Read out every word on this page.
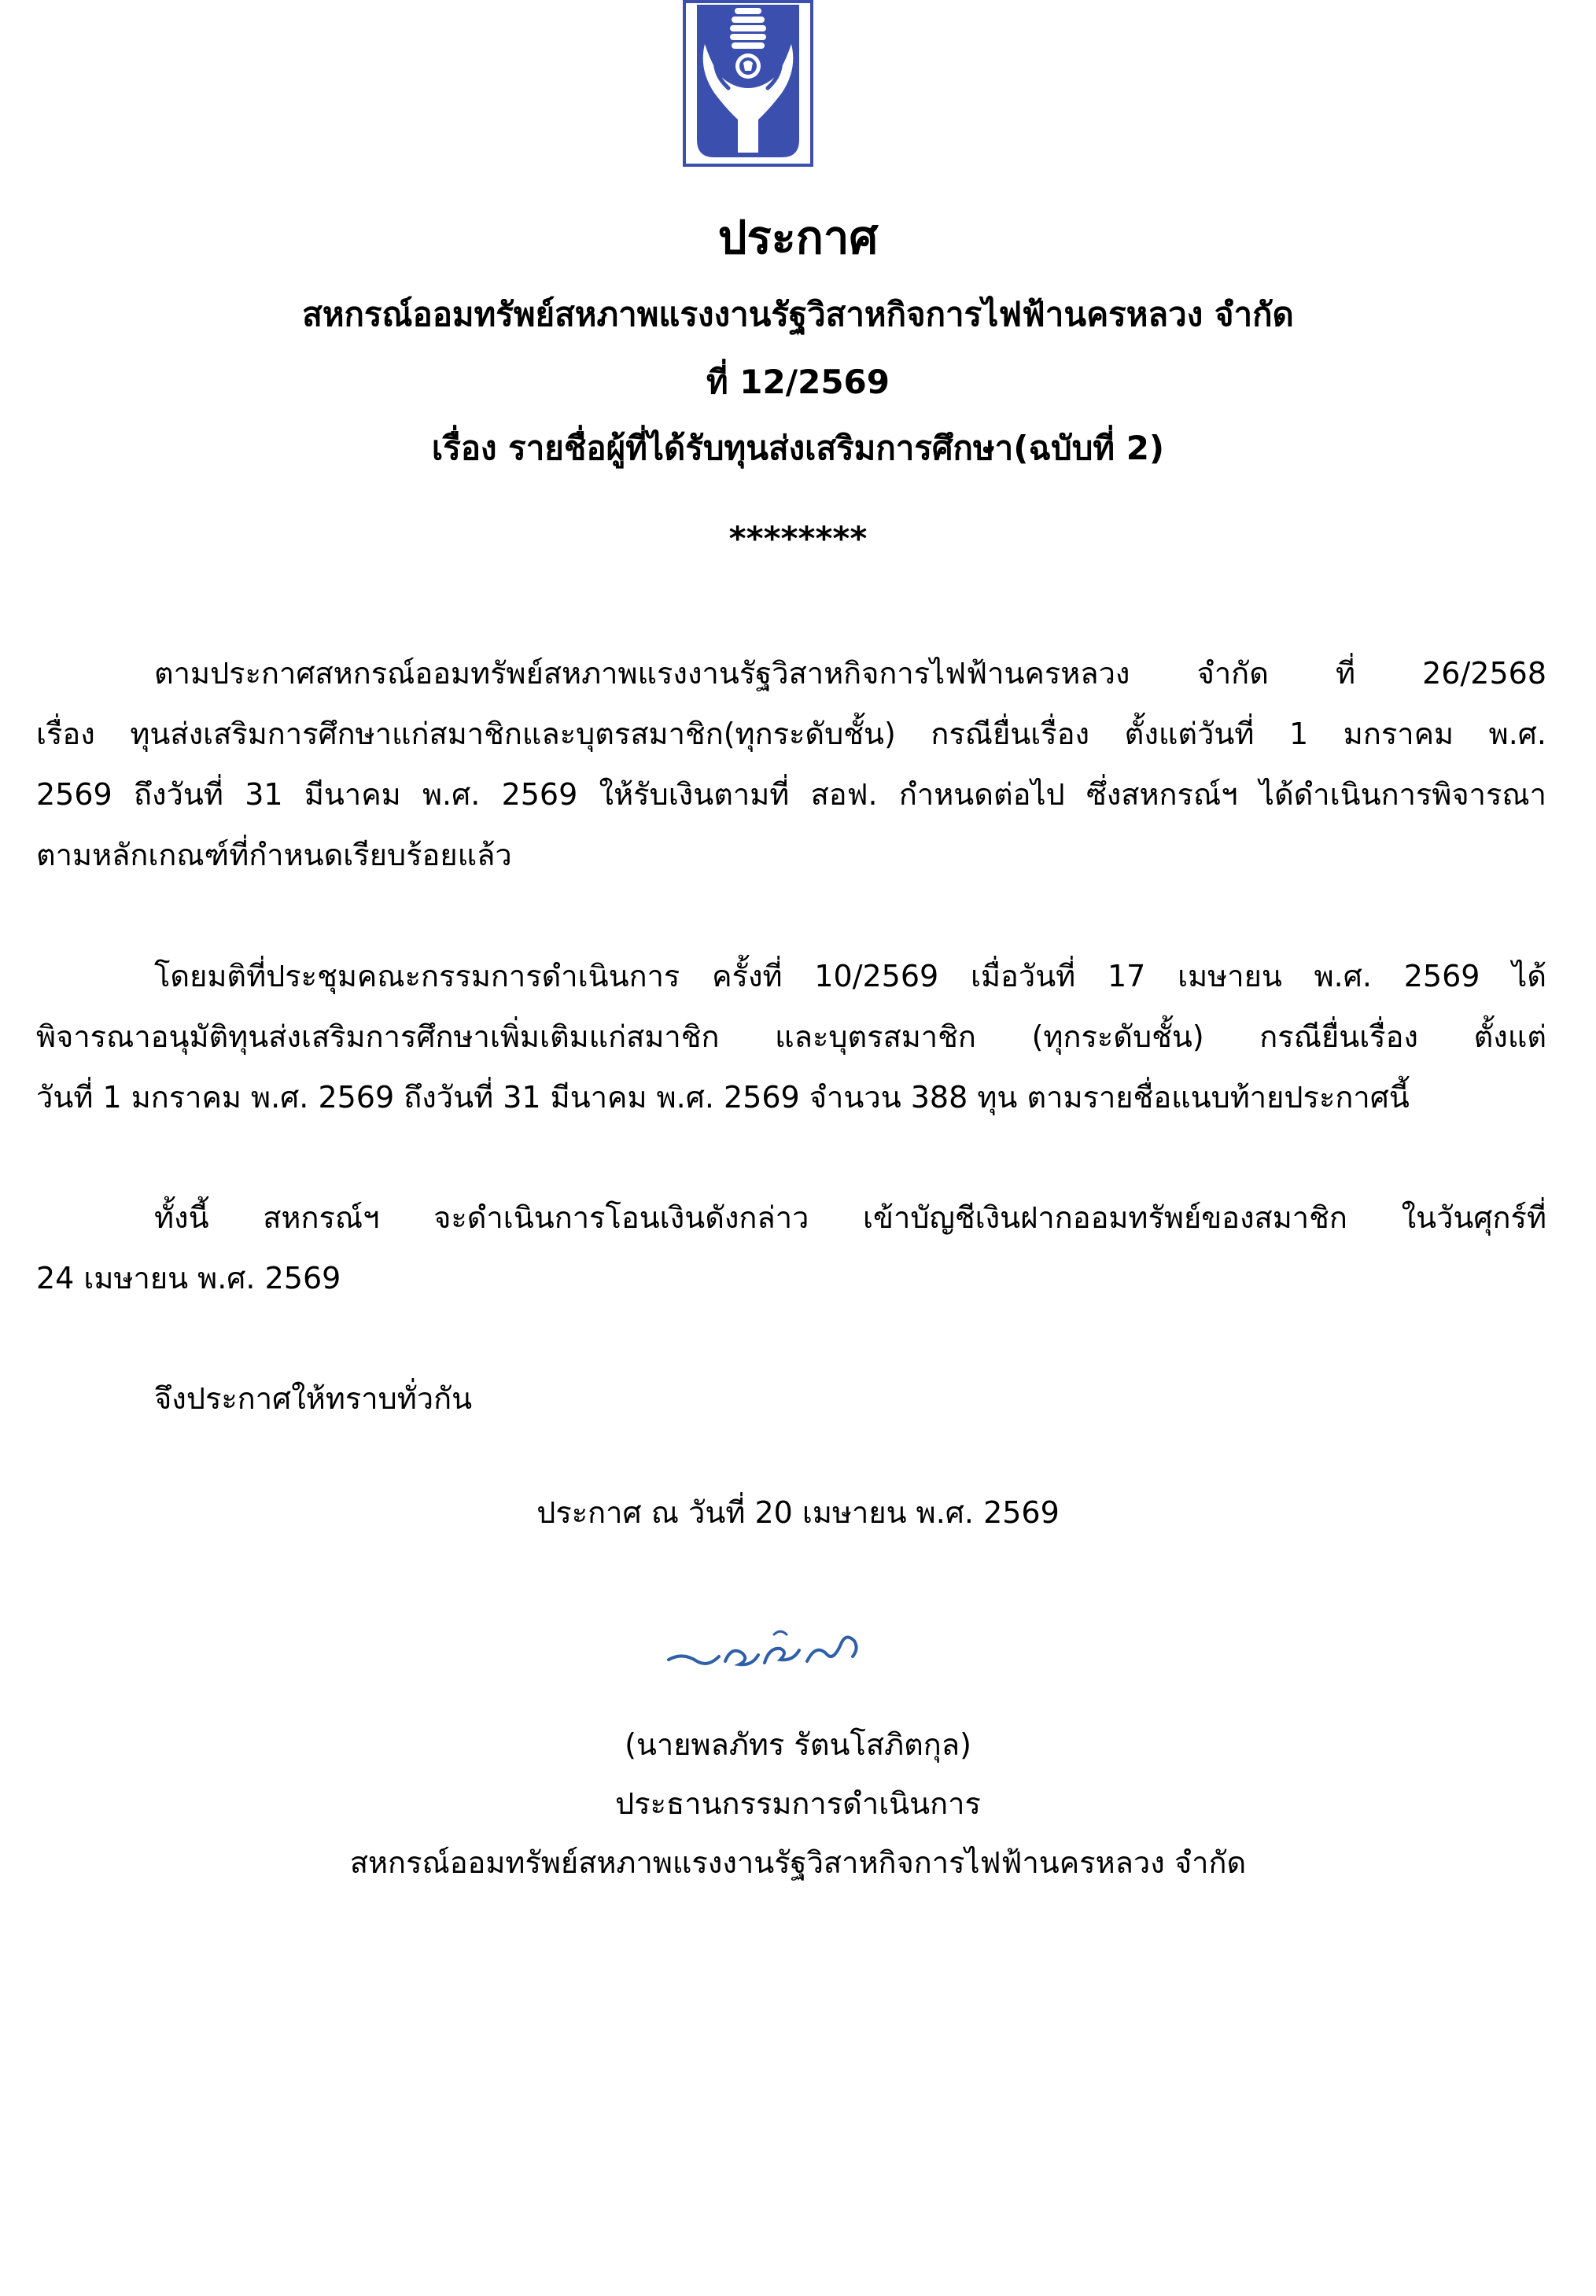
ประกาศ
สหกรณ์ออมทรัพย์สหภาพแรงงานรัฐวิสาหกิจการไฟฟ้านครหลวง จำกัด
ที่ 12/2569
เรื่อง รายชื่อผู้ที่ได้รับทุนส่งเสริมการศึกษา(ฉบับที่ 2)
********
ตามประกาศสหกรณ์ออมทรัพย์สหภาพแรงงานรัฐวิสาหกิจการไฟฟ้านครหลวง จำกัด ที่ 26/2568
เรื่อง ทุนส่งเสริมการศึกษาแก่สมาชิกและบุตรสมาชิก(ทุกระดับชั้น) กรณียื่นเรื่อง ตั้งแต่วันที่ 1 มกราคม พ.ศ.
2569 ถึงวันที่ 31 มีนาคม พ.ศ. 2569 ให้รับเงินตามที่ สอฟ. กำหนดต่อไป ซึ่งสหกรณ์ฯ ได้ดำเนินการพิจารณา
ตามหลักเกณฑ์ที่กำหนดเรียบร้อยแล้ว
โดยมติที่ประชุมคณะกรรมการดำเนินการ ครั้งที่ 10/2569 เมื่อวันที่ 17 เมษายน พ.ศ. 2569 ได้
พิจารณาอนุมัติทุนส่งเสริมการศึกษาเพิ่มเติมแก่สมาชิก และบุตรสมาชิก (ทุกระดับชั้น) กรณียื่นเรื่อง ตั้งแต่
วันที่ 1 มกราคม พ.ศ. 2569 ถึงวันที่ 31 มีนาคม พ.ศ. 2569 จำนวน 388 ทุน ตามรายชื่อแนบท้ายประกาศนี้
ทั้งนี้ สหกรณ์ฯ จะดำเนินการโอนเงินดังกล่าว เข้าบัญชีเงินฝากออมทรัพย์ของสมาชิก ในวันศุกร์ที่
24 เมษายน พ.ศ. 2569
จึงประกาศให้ทราบทั่วกัน
ประกาศ ณ วันที่ 20 เมษายน พ.ศ. 2569
(นายพลภัทร รัตนโสภิตกุล)
ประธานกรรมการดำเนินการ
สหกรณ์ออมทรัพย์สหภาพแรงงานรัฐวิสาหกิจการไฟฟ้านครหลวง จำกัด
